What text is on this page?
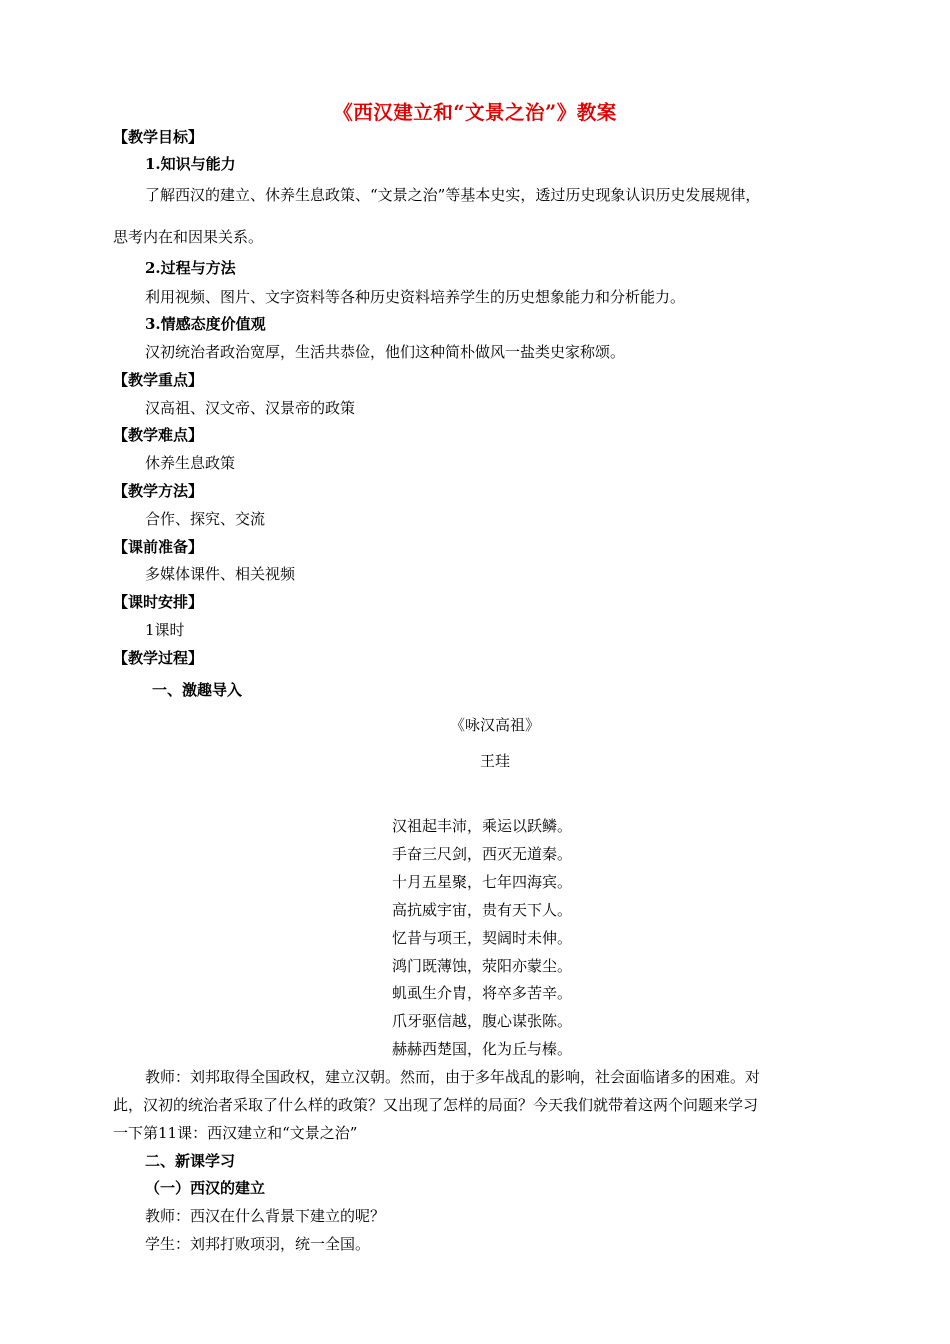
《西汉建立和“文景之治”》教案
【教学目标】
1.知识与能力
了解西汉的建立、休养生息政策、“文景之治”等基本史实，透过历史现象认识历史发展规律，
思考内在和因果关系。
2.过程与方法
利用视频、图片、文字资料等各种历史资料培养学生的历史想象能力和分析能力。
3.情感态度价值观
汉初统治者政治宽厚，生活共恭俭，他们这种简朴做风一盐类史家称颂。
【教学重点】
汉高祖、汉文帝、汉景帝的政策
【教学难点】
休养生息政策
【教学方法】
合作、探究、交流
【课前准备】
多媒体课件、相关视频
【课时安排】
1课时
【教学过程】
一、激趣导入
《咏汉高祖》
王珪
汉祖起丰沛，乘运以跃鳞。
手奋三尺剑，西灭无道秦。
十月五星聚，七年四海宾。
高抗威宇宙，贵有天下人。
忆昔与项王，契阔时未伸。
鸿门既薄蚀，荥阳亦蒙尘。
虮虱生介胄，将卒多苦辛。
爪牙驱信越，腹心谋张陈。
赫赫西楚国，化为丘与榛。
教师：刘邦取得全国政权，建立汉朝。然而，由于多年战乱的影响，社会面临诸多的困难。对
此，汉初的统治者采取了什么样的政策？又出现了怎样的局面？今天我们就带着这两个问题来学习
一下第11课：西汉建立和“文景之治”
二、新课学习
（一）西汉的建立
教师：西汉在什么背景下建立的呢？
学生：刘邦打败项羽，统一全国。
